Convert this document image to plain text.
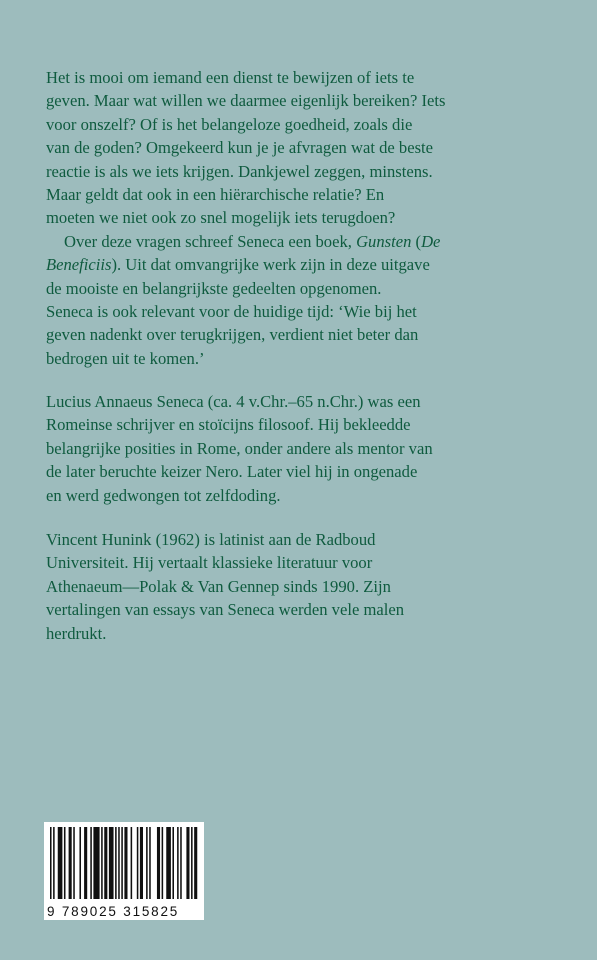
Het is mooi om iemand een dienst te bewijzen of iets te
geven. Maar wat willen we daarmee eigenlijk bereiken? Iets
voor onszelf? Of is het belangeloze goedheid, zoals die
van de goden? Omgekeerd kun je je afvragen wat de beste
reactie is als we iets krijgen. Dankjewel zeggen, minstens.
Maar geldt dat ook in een hiërarchische relatie? En
moeten we niet ook zo snel mogelijk iets terugdoen?

Over deze vragen schreef Seneca een boek, Gunsten (De
Beneficiis). Uit dat omvangrijke werk zijn in deze uitgave
de mooiste en belangrijkste gedeelten opgenomen.
Seneca is ook relevant voor de huidige tijd: ‘Wie bij het
geven nadenkt over terugkrijgen, verdient niet beter dan
bedrogen uit te komen.’

Lucius Annaeus Seneca (ca. 4 v.Chr.–65 n.Chr.) was een
Romeinse schrijver en stoïcijns filosoof. Hij bekleedde
belangrijke posities in Rome, onder andere als mentor van
de later beruchte keizer Nero. Later viel hij in ongenade
en werd gedwongen tot zelfdoding.

Vincent Hunink (1962) is latinist aan de Radboud
Universiteit. Hij vertaalt klassieke literatuur voor
Athenaeum—Polak & Van Gennep sinds 1990. Zijn
vertalingen van essays van Seneca werden vele malen
herdrukt.

9 789025 315825
